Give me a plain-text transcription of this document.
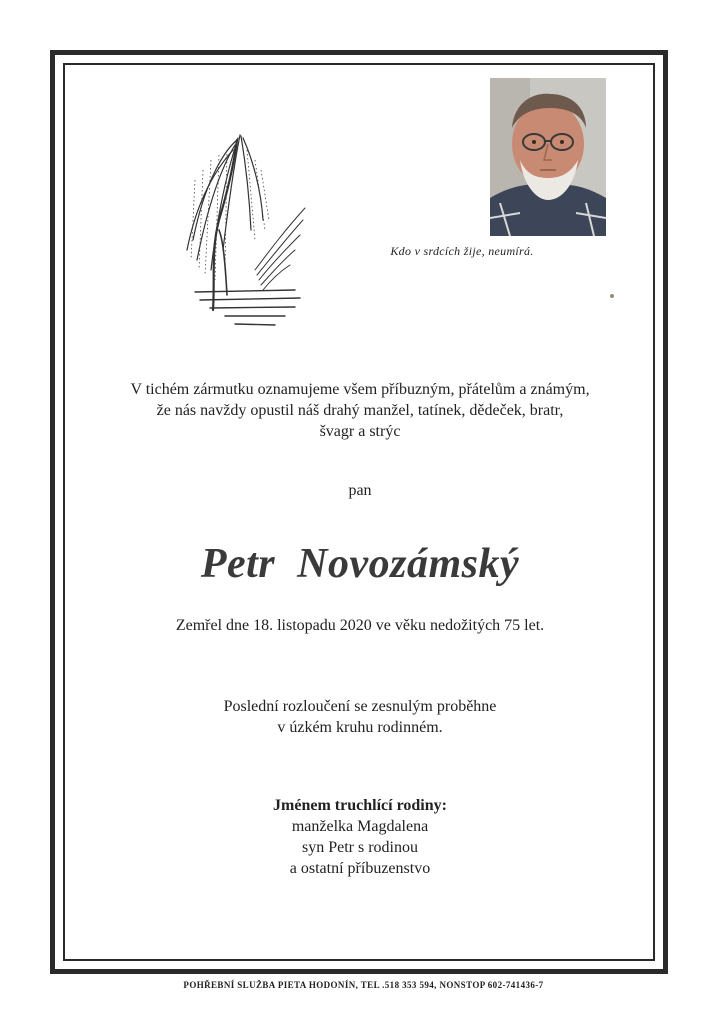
Kdo v srdcích žije, neumírá.
V tichém zármutku oznamujeme všem příbuzným, přátelům a známým,
že nás navždy opustil náš drahý manžel, tatínek, dědeček, bratr,
švagr a strýc
pan
Petr  Novozámský
Zemřel dne 18. listopadu 2020 ve věku nedožitých 75 let.
Poslední rozloučení se zesnulým proběhne
v úzkém kruhu rodinném.
Jménem truchlící rodiny:
manželka Magdalena
syn Petr s rodinou
a ostatní příbuzenstvo
POHŘEBNÍ SLUŽBA PIETA HODONÍN, TEL .518 353 594, NONSTOP 602-741436-7
